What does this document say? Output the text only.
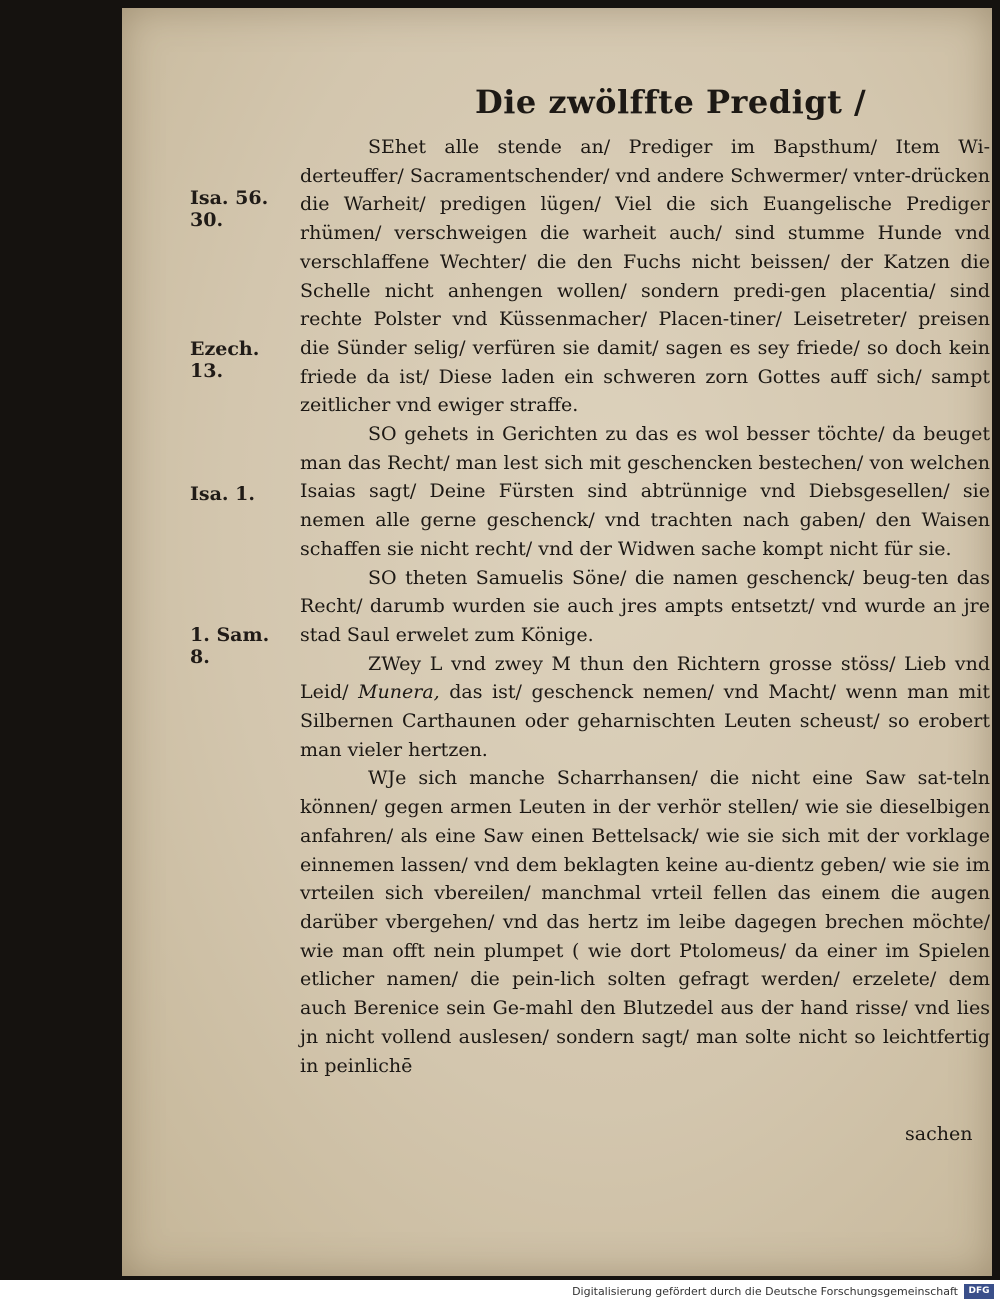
Die zwölffte Predigt /
Isa. 56.
30.
Ezech. 13.
Isa. 1.
1. Sam. 8.

SEhet alle stende an/ Prediger im Bapsthum/ Item Wi-derteuffer/ Sacramentschender/ vnd andere Schwermer/ vnter-drücken die Warheit/ predigen lügen/ Viel die sich Euangelische Prediger rhümen/ verschweigen die warheit auch/ sind stumme Hunde vnd verschlaffene Wechter/ die den Fuchs nicht beissen/ der Katzen die Schelle nicht anhengen wollen/ sondern predi-gen placentia/ sind rechte Polster vnd Küssenmacher/ Placen-tiner/ Leisetreter/ preisen die Sünder selig/ verfüren sie damit/ sagen es sey friede/ so doch kein friede da ist/ Diese laden ein schweren zorn Gottes auff sich/ sampt zeitlicher vnd ewiger straffe.

SO gehets in Gerichten zu das es wol besser töchte/ da beuget man das Recht/ man lest sich mit geschencken bestechen/ von welchen Isaias sagt/ Deine Fürsten sind abtrünnige vnd Diebsgesellen/ sie nemen alle gerne geschenck/ vnd trachten nach gaben/ den Waisen schaffen sie nicht recht/ vnd der Widwen sache kompt nicht für sie.

SO theten Samuelis Söne/ die namen geschenck/ beug-ten das Recht/ darumb wurden sie auch jres ampts entsetzt/ vnd wurde an jre stad Saul erwelet zum Könige.

ZWey L vnd zwey M thun den Richtern grosse stöss/ Lieb vnd Leid/ Munera, das ist/ geschenck nemen/ vnd Macht/ wenn man mit Silbernen Carthaunen oder geharnischten Leuten scheust/ so erobert man vieler hertzen.

WJe sich manche Scharrhansen/ die nicht eine Saw sat-teln können/ gegen armen Leuten in der verhör stellen/ wie sie dieselbigen anfahren/ als eine Saw einen Bettelsack/ wie sie sich mit der vorklage einnemen lassen/ vnd dem beklagten keine au-dientz geben/ wie sie im vrteilen sich vbereilen/ manchmal vrteil fellen das einem die augen darüber vbergehen/ vnd das hertz im leibe dagegen brechen möchte/ wie man offt nein plumpet ( wie dort Ptolomeus/ da einer im Spielen etlicher namen/ die pein-lich solten gefragt werden/ erzelete/ dem auch Berenice sein Ge-mahl den Blutzedel aus der hand risse/ vnd lies jn nicht vollend auslesen/ sondern sagt/ man solte nicht so leichtfertig in peinlichē

sachen
Digitalisierung gefördert durch die Deutsche Forschungsgemeinschaft	DFG
